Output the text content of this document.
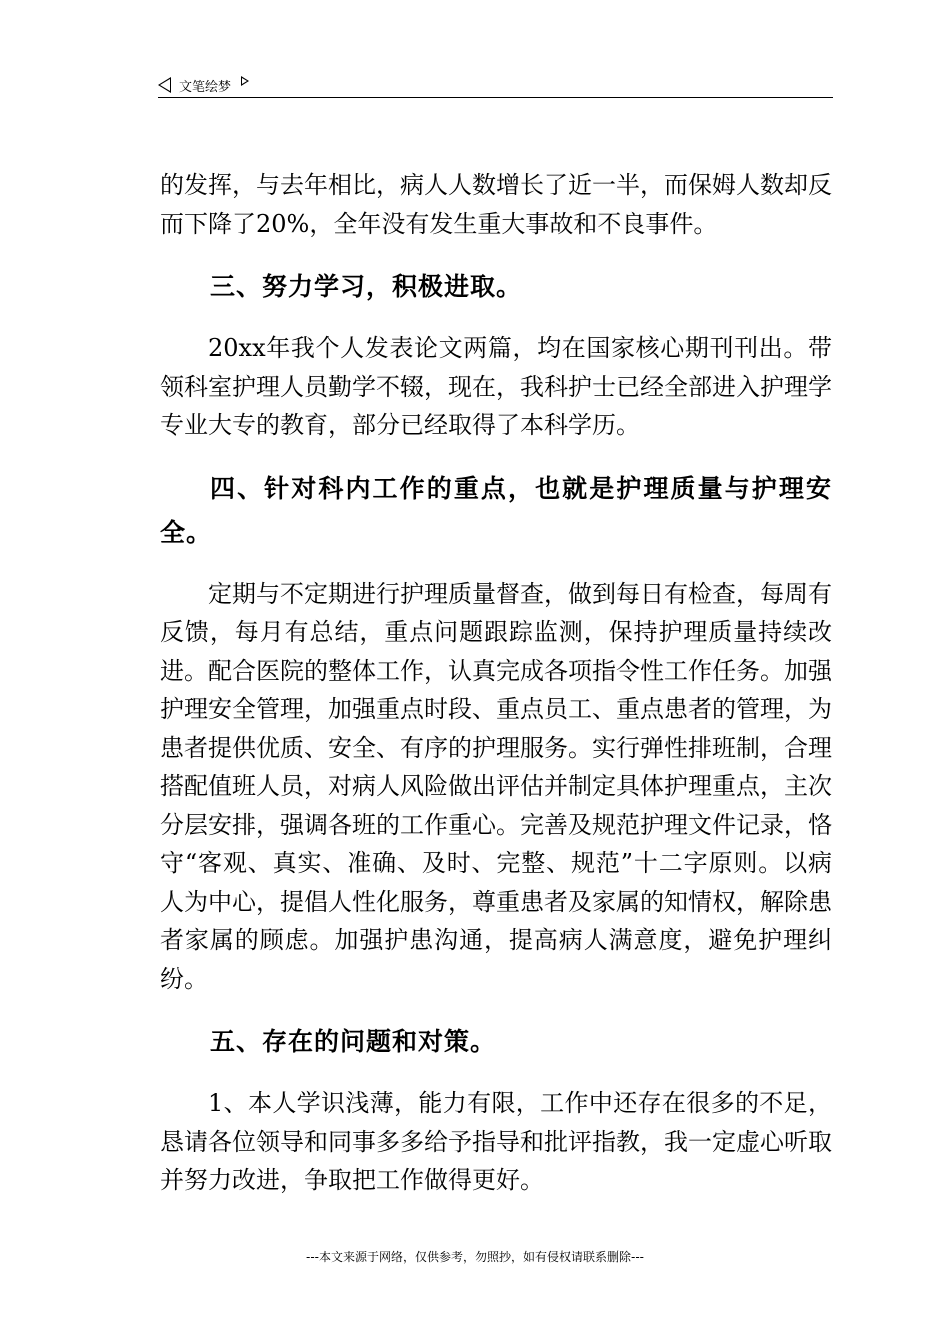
文笔绘梦

的发挥，与去年相比，病人人数增长了近一半，而保姆人数却反而下降了20%，全年没有发生重大事故和不良事件。

三、努力学习，积极进取。

20xx年我个人发表论文两篇，均在国家核心期刊刊出。带领科室护理人员勤学不辍，现在，我科护士已经全部进入护理学专业大专的教育，部分已经取得了本科学历。

四、针对科内工作的重点，也就是护理质量与护理安全。

定期与不定期进行护理质量督查，做到每日有检查，每周有反馈，每月有总结，重点问题跟踪监测，保持护理质量持续改进。配合医院的整体工作，认真完成各项指令性工作任务。加强护理安全管理，加强重点时段、重点员工、重点患者的管理，为患者提供优质、安全、有序的护理服务。实行弹性排班制，合理搭配值班人员，对病人风险做出评估并制定具体护理重点，主次分层安排，强调各班的工作重心。完善及规范护理文件记录，恪守“客观、真实、准确、及时、完整、规范”十二字原则。以病人为中心，提倡人性化服务，尊重患者及家属的知情权，解除患者家属的顾虑。加强护患沟通，提高病人满意度，避免护理纠纷。

五、存在的问题和对策。

1、本人学识浅薄，能力有限，工作中还存在很多的不足，恳请各位领导和同事多多给予指导和批评指教，我一定虚心听取并努力改进，争取把工作做得更好。

---本文来源于网络，仅供参考，勿照抄，如有侵权请联系删除---
